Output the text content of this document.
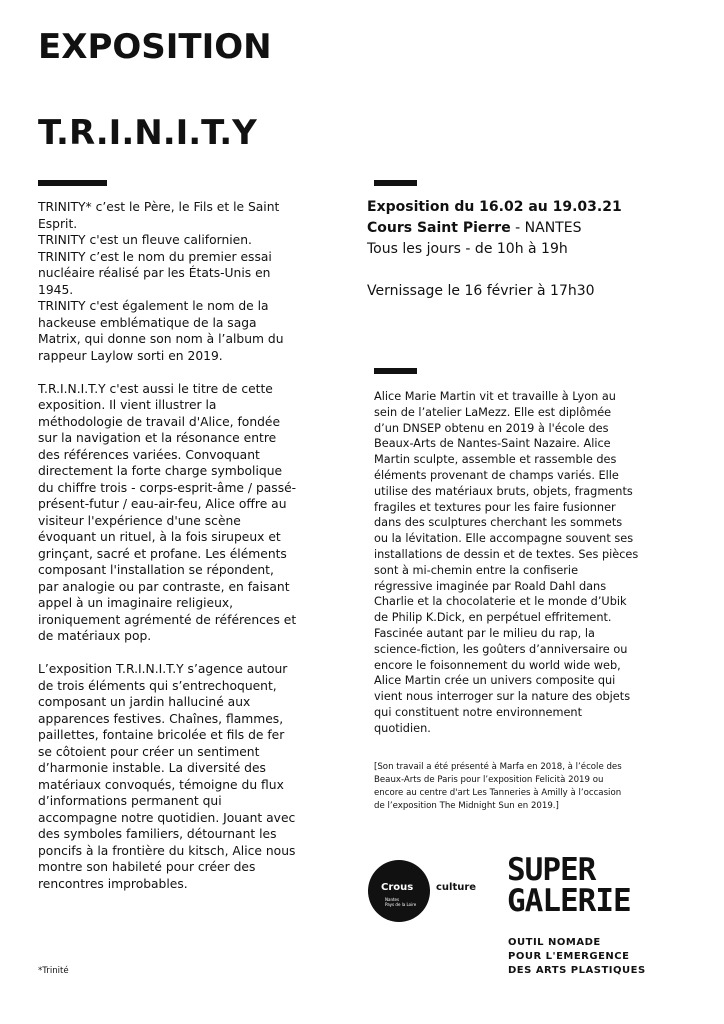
EXPOSITION
T.R.I.N.I.T.Y

TRINITY* c’est le Père, le Fils et le Saint
Esprit.
TRINITY c'est un fleuve californien.
TRINITY c’est le nom du premier essai
nucléaire réalisé par les États-Unis en
1945.
TRINITY c'est également le nom de la
hackeuse emblématique de la saga
Matrix, qui donne son nom à l’album du
rappeur Laylow sorti en 2019.

T.R.I.N.I.T.Y c'est aussi le titre de cette
exposition. Il vient illustrer la
méthodologie de travail d'Alice, fondée
sur la navigation et la résonance entre
des références variées. Convoquant
directement la forte charge symbolique
du chiffre trois - corps-esprit-âme / passé-
présent-futur / eau-air-feu, Alice offre au
visiteur l'expérience d'une scène
évoquant un rituel, à la fois sirupeux et
grinçant, sacré et profane. Les éléments
composant l'installation se répondent,
par analogie ou par contraste, en faisant
appel à un imaginaire religieux,
ironiquement agrémenté de références et
de matériaux pop.

L’exposition T.R.I.N.I.T.Y s’agence autour
de trois éléments qui s’entrechoquent,
composant un jardin halluciné aux
apparences festives. Chaînes, flammes,
paillettes, fontaine bricolée et fils de fer
se côtoient pour créer un sentiment
d’harmonie instable. La diversité des
matériaux convoqués, témoigne du flux
d’informations permanent qui
accompagne notre quotidien. Jouant avec
des symboles familiers, détournant les
poncifs à la frontière du kitsch, Alice nous
montre son habileté pour créer des
rencontres improbables.

*Trinité
Exposition du 16.02 au 19.03.21
Cours Saint Pierre - NANTES
Tous les jours - de 10h à 19h
Vernissage le 16 février à 17h30

Alice Marie Martin vit et travaille à Lyon au
sein de l’atelier LaMezz. Elle est diplômée
d’un DNSEP obtenu en 2019 à l'école des
Beaux-Arts de Nantes-Saint Nazaire. Alice
Martin sculpte, assemble et rassemble des
éléments provenant de champs variés. Elle
utilise des matériaux bruts, objets, fragments
fragiles et textures pour les faire fusionner
dans des sculptures cherchant les sommets
ou la lévitation. Elle accompagne souvent ses
installations de dessin et de textes. Ses pièces
sont à mi-chemin entre la confiserie
régressive imaginée par Roald Dahl dans
Charlie et la chocolaterie et le monde d’Ubik
de Philip K.Dick, en perpétuel effritement.
Fascinée autant par le milieu du rap, la
science-fiction, les goûters d’anniversaire ou
encore le foisonnement du world wide web,
Alice Martin crée un univers composite qui
vient nous interroger sur la nature des objets
qui constituent notre environnement
quotidien.

[Son travail a été présenté à Marfa en 2018, à l’école des
Beaux-Arts de Paris pour l’exposition Felicità 2019 ou
encore au centre d'art Les Tanneries à Amilly à l’occasion
de l’exposition The Midnight Sun en 2019.]

Crous culture
Nantes
Pays de la Loire
SUPER
GALERIE
OUTIL NOMADE
POUR L'EMERGENCE
DES ARTS PLASTIQUES
